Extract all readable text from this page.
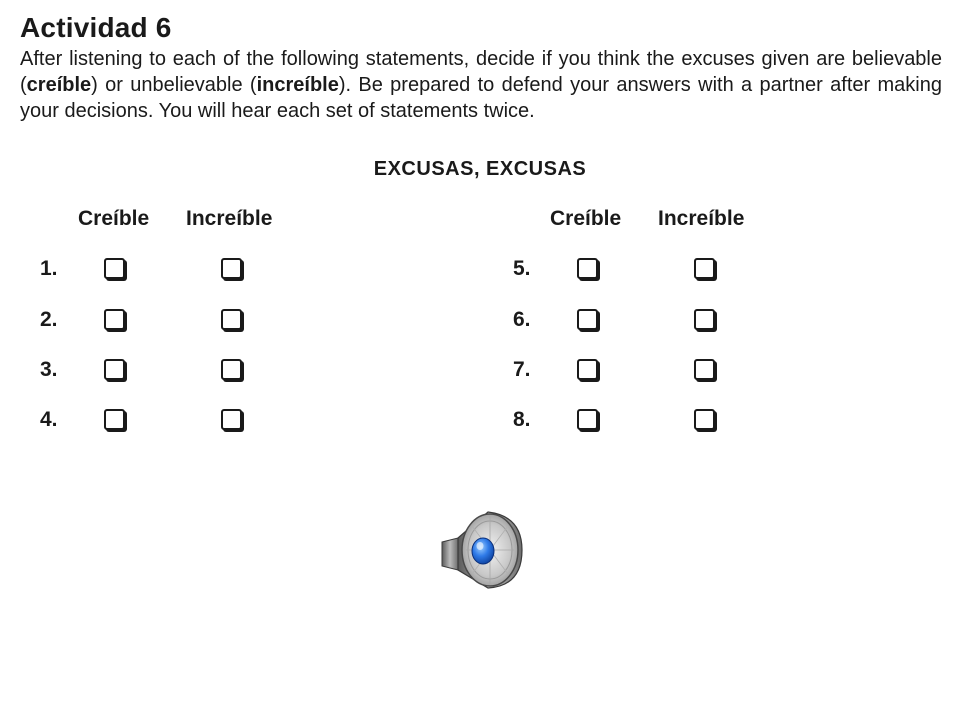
Actividad 6
After listening to each of the following statements, decide if you think the excuses given are believable (creíble) or unbelievable (increíble). Be prepared to defend your answers with a partner after making your decisions. You will hear each set of statements twice.
EXCUSAS, EXCUSAS
Creíble Increíble	Creíble Increíble
1.
2.
3.
4.
5.
6.
7.
8.
